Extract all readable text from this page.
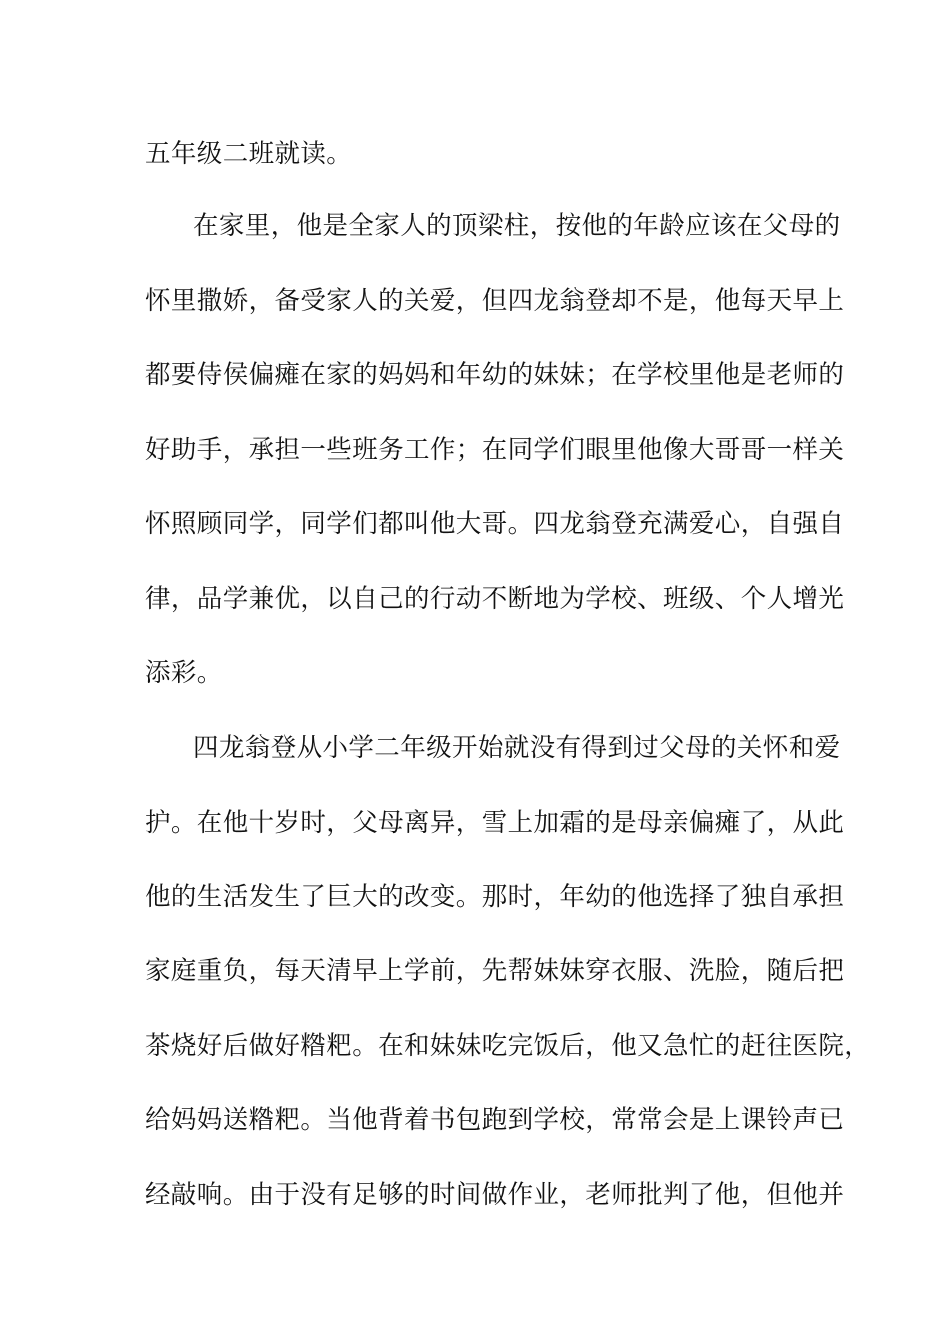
五年级二班就读。
在家里，他是全家人的顶梁柱，按他的年龄应该在父母的
怀里撒娇，备受家人的关爱，但四龙翁登却不是，他每天早上
都要侍侯偏瘫在家的妈妈和年幼的妹妹；在学校里他是老师的
好助手，承担一些班务工作；在同学们眼里他像大哥哥一样关
怀照顾同学，同学们都叫他大哥。四龙翁登充满爱心，自强自
律，品学兼优，以自己的行动不断地为学校、班级、个人增光
添彩。
四龙翁登从小学二年级开始就没有得到过父母的关怀和爱
护。在他十岁时，父母离异，雪上加霜的是母亲偏瘫了，从此
他的生活发生了巨大的改变。那时，年幼的他选择了独自承担
家庭重负，每天清早上学前，先帮妹妹穿衣服、洗脸，随后把
茶烧好后做好糌粑。在和妹妹吃完饭后，他又急忙的赶往医院，
给妈妈送糌粑。当他背着书包跑到学校，常常会是上课铃声已
经敲响。由于没有足够的时间做作业，老师批判了他，但他并
